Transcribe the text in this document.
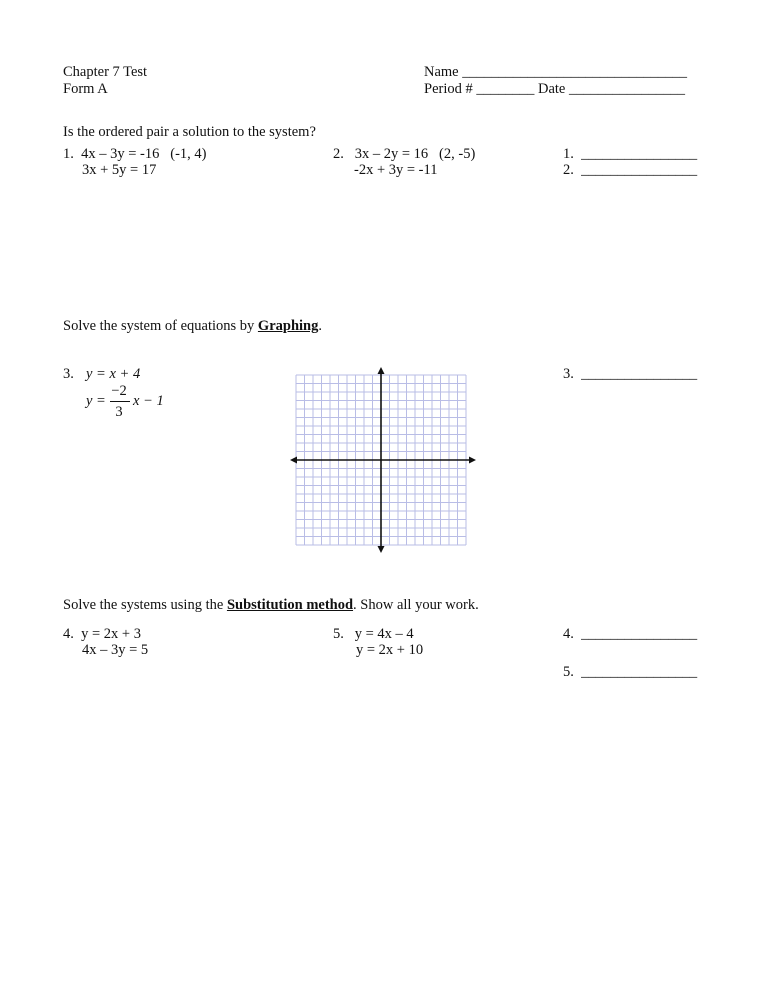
Chapter 7 Test
Form A
Name _______________________________
Period # ________ Date ________________
Is the ordered pair a solution to the system?
1.  4x – 3y = -16   (-1, 4)
3x + 5y = 17
2.   3x – 2y = 16   (2, -5)
-2x + 3y = -11
1.  ________________
2.  ________________
Solve the system of equations by Graphing.
3. y = x + 4
y =
−2
3
x − 1
3.  ________________
Solve the systems using the Substitution method. Show all your work.
4.  y = 2x + 3
4x – 3y = 5
5.   y = 4x – 4
y = 2x + 10
4.  ________________
5.  ________________
